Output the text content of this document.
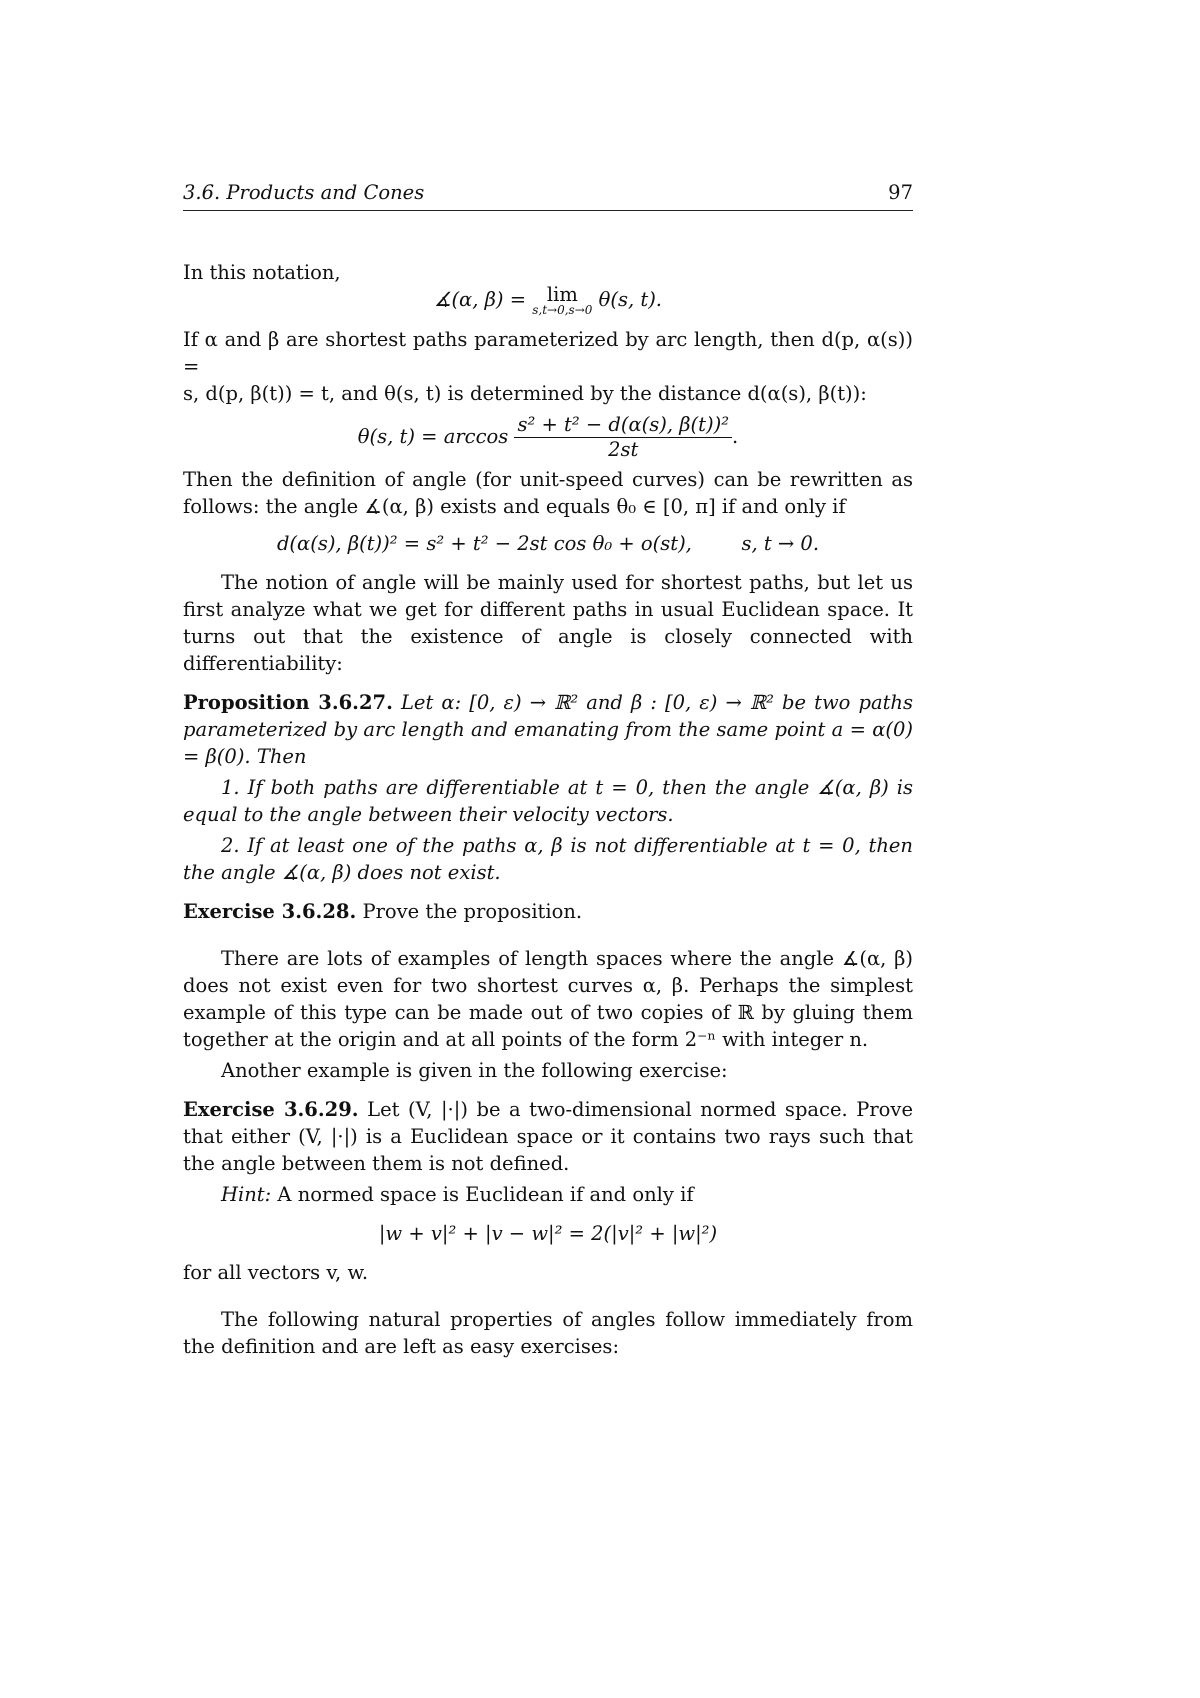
3.6. Products and Cones	97

In this notation,

∡(α, β) = lim
s,t→0,s→0 θ(s, t).

If α and β are shortest paths parameterized by arc length, then d(p, α(s)) =

s, d(p, β(t)) = t, and θ(s, t) is determined by the distance d(α(s), β(t)):

θ(s, $t) = \arccos \frac{\text{s² + t² − d(α(s), β(t))²}}{2st}$ .

Then the definition of angle (for unit-speed curves) can be rewritten as

follows: the angle ∡(α, β) exists and equals θ₀ ∈ [0, π] if and only if

d(α(s), β(t))² = s² + t² − 2st cos θ₀ + o(st),        s, t → 0.

The notion of angle will be mainly used for shortest paths, but let us first analyze what we get for different paths in usual Euclidean space. It turns out that the existence of angle is closely connected with differentiability:

Proposition 3.6.27. Let α: [0, ε) → ℝ² and β : [0, ε) → ℝ² be two paths parameterized by arc length and emanating from the same point a = α(0) = β(0). Then

1. If both paths are differentiable at t = 0, then the angle ∡(α, β) is equal to the angle between their velocity vectors.

2. If at least one of the paths α, β is not differentiable at t = 0, then the angle ∡(α, β) does not exist.

Exercise 3.6.28. Prove the proposition.

There are lots of examples of length spaces where the angle ∡(α, β) does not exist even for two shortest curves α, β. Perhaps the simplest example of this type can be made out of two copies of ℝ by gluing them together at the origin and at all points of the form 2⁻ⁿ with integer n.

Another example is given in the following exercise:

Exercise 3.6.29. Let (V, |·|) be a two-dimensional normed space. Prove that either (V, |·|) is a Euclidean space or it contains two rays such that the angle between them is not defined.

Hint: A normed space is Euclidean if and only if

|w + v|² + |v − w|² = 2(|v|² + |w|²)

for all vectors v, w.

The following natural properties of angles follow immediately from the definition and are left as easy exercises:
